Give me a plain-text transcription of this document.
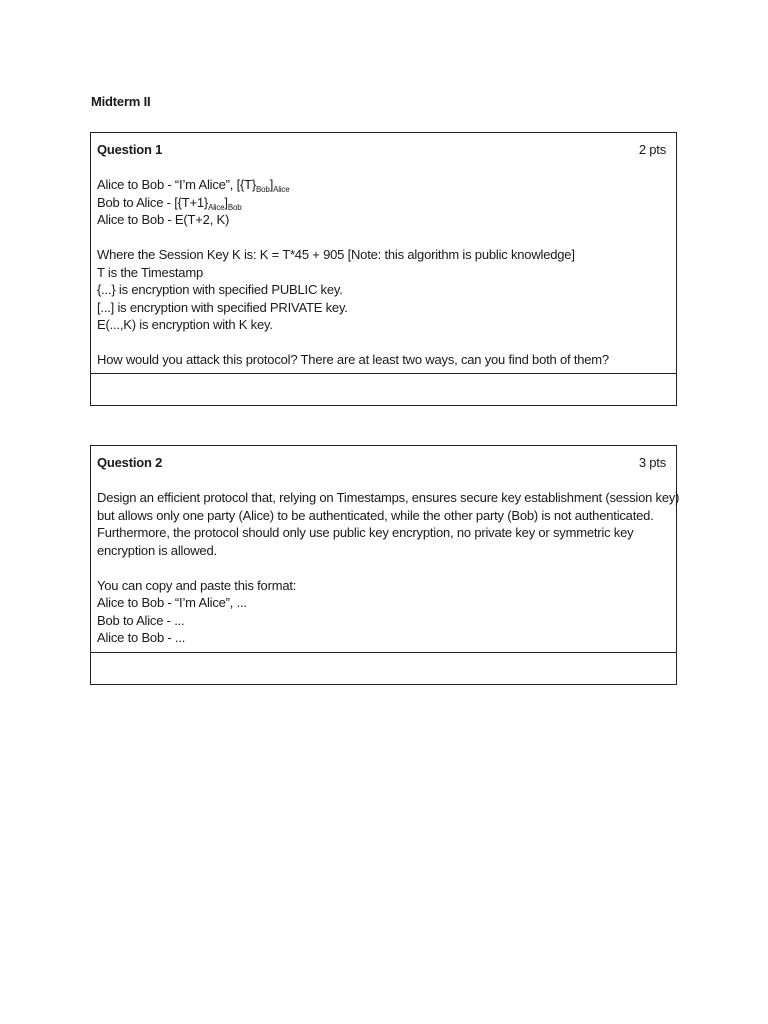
Midterm II
Question 1	2 pts
Alice to Bob - “I’m Alice”, $[\{T\}_{Bob}]_{Alice}$
Bob to Alice - $[\{T+1\}_{Alice}]_{Bob}$
Alice to Bob - E(T+2, K)
Where the Session Key K is: K = T*45 + 905 [Note: this algorithm is public knowledge]
T is the Timestamp
{...} is encryption with specified PUBLIC key.
[...] is encryption with specified PRIVATE key.
E(...,K) is encryption with K key.
How would you attack this protocol? There are at least two ways, can you find both of them?
Question 2	3 pts
Design an efficient protocol that, relying on Timestamps, ensures secure key establishment (session key)
but allows only one party (Alice) to be authenticated, while the other party (Bob) is not authenticated.
Furthermore, the protocol should only use public key encryption, no private key or symmetric key
encryption is allowed.
You can copy and paste this format:
Alice to Bob - “I’m Alice”, ...
Bob to Alice - ...
Alice to Bob - ...
